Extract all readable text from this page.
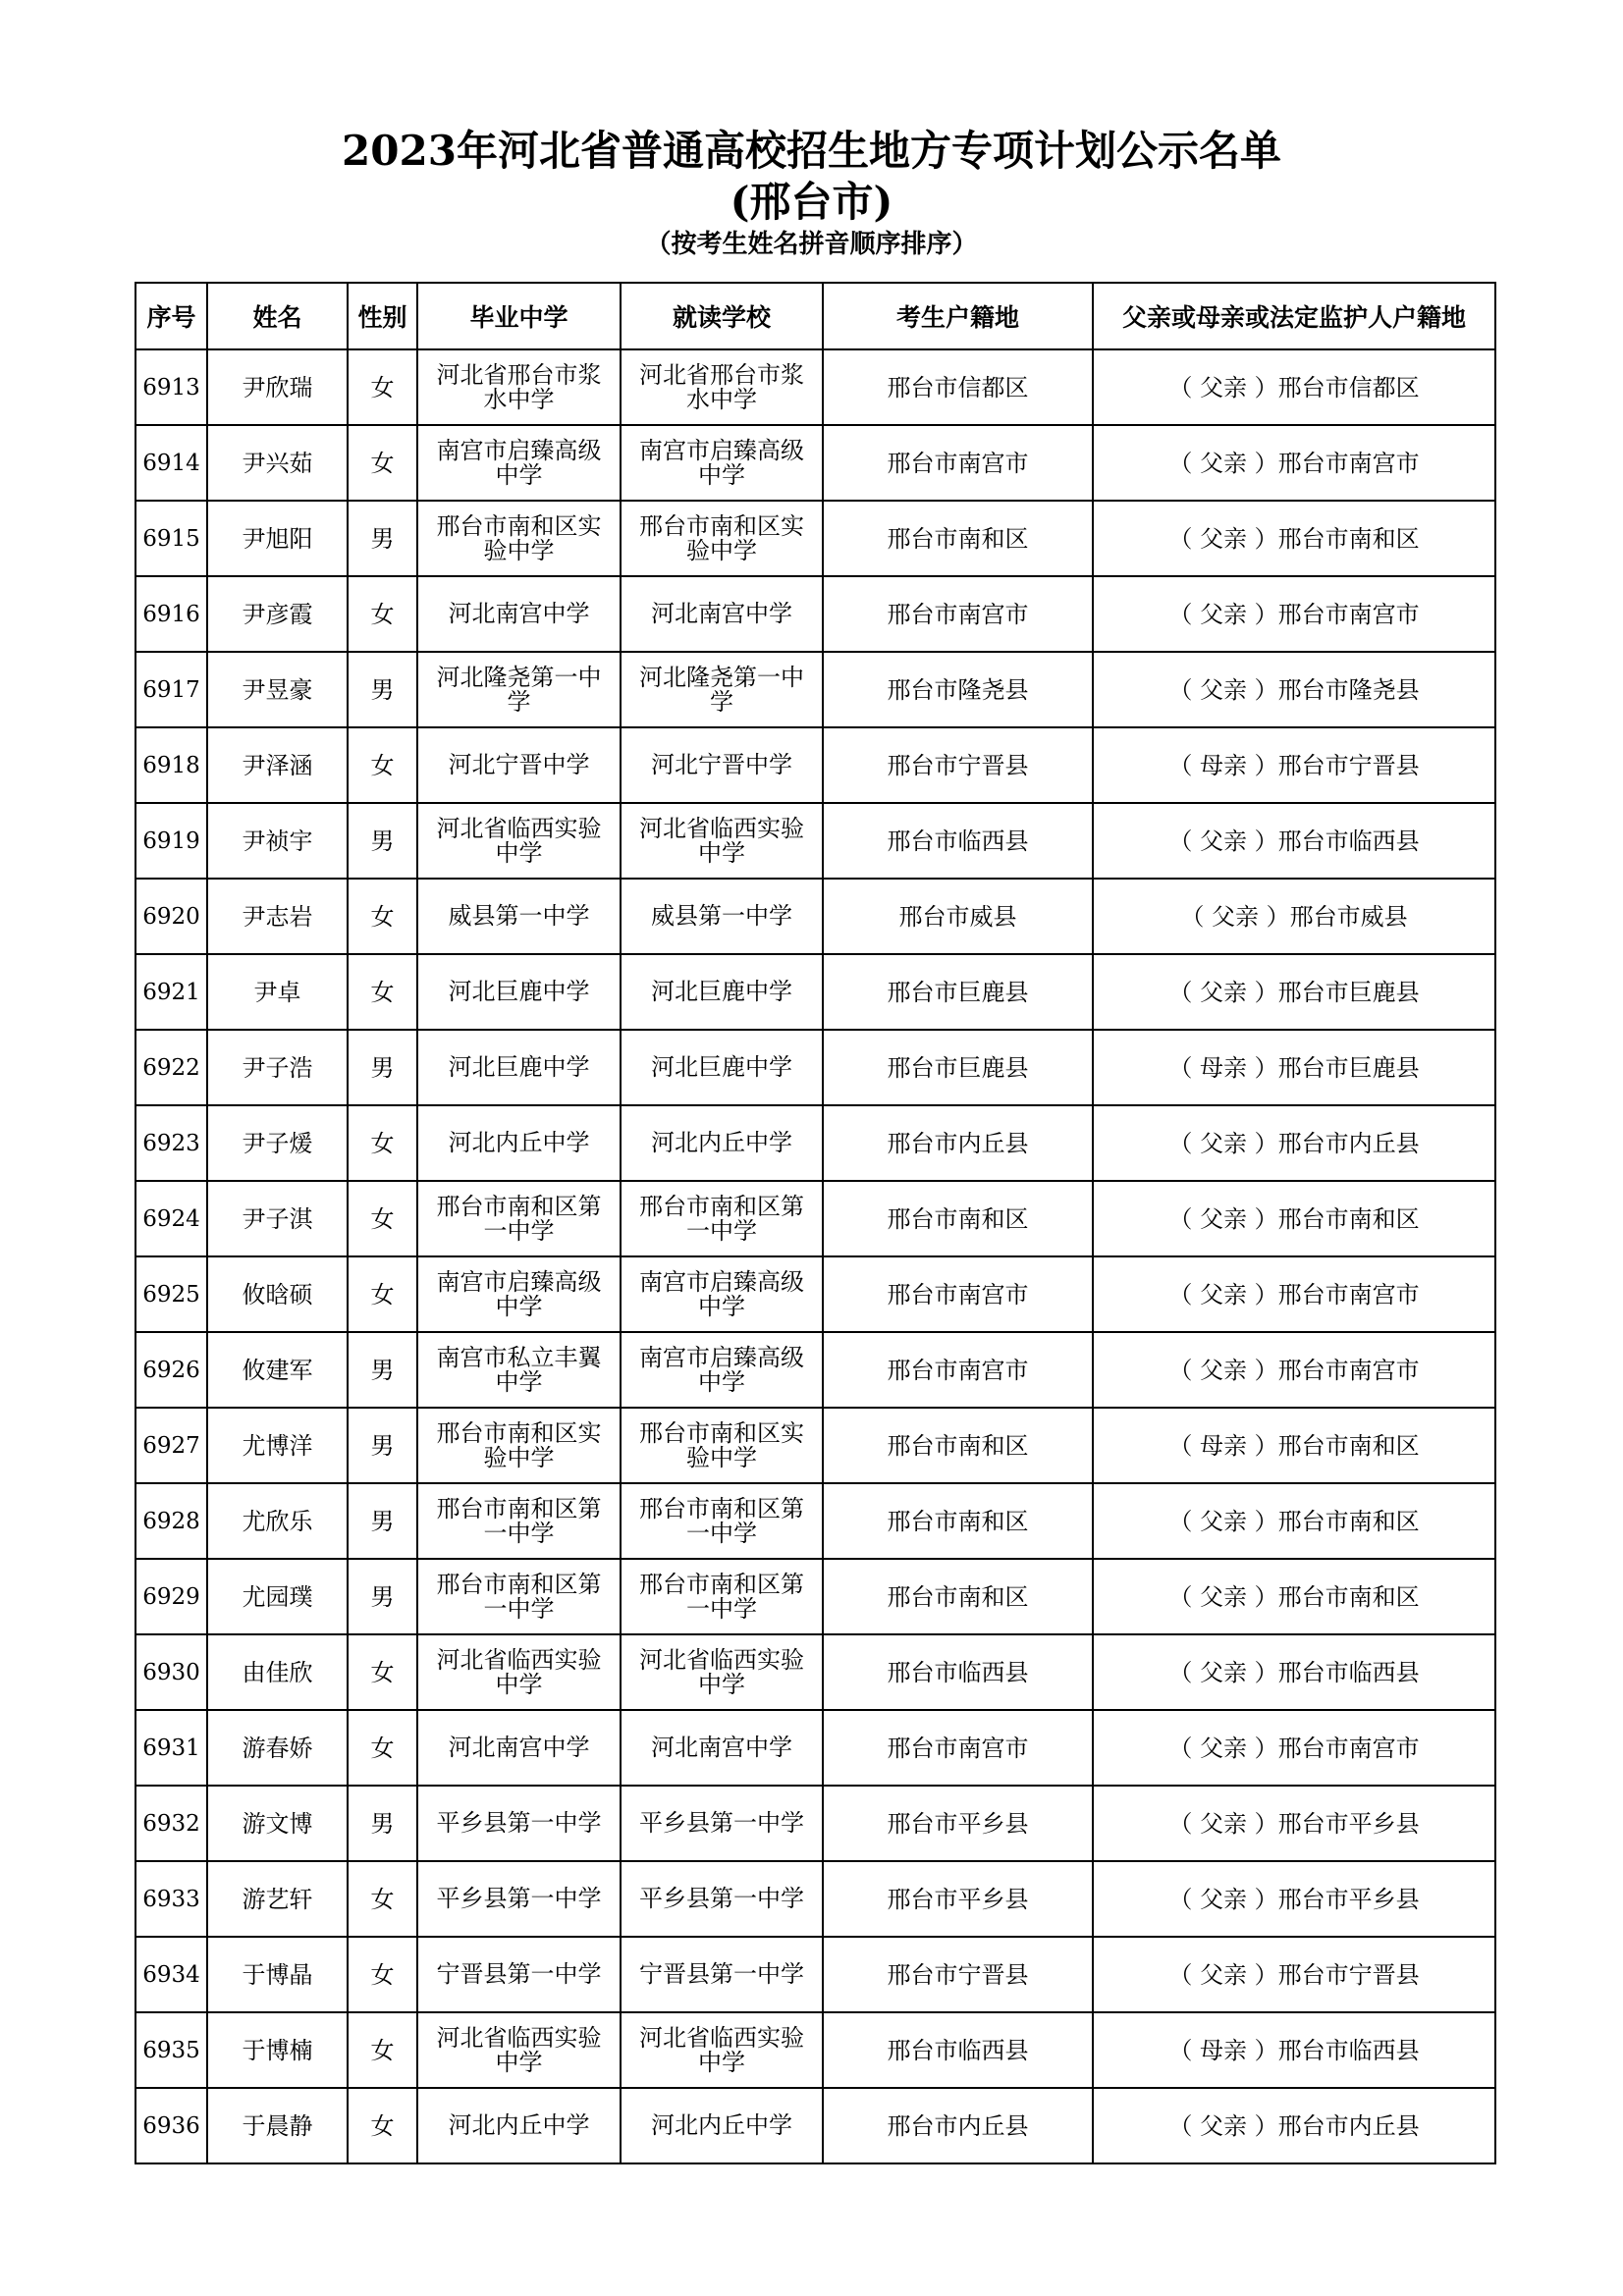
2023年河北省普通高校招生地方专项计划公示名单
(邢台市)
（按考生姓名拼音顺序排序）
序号	姓名	性别	毕业中学	就读学校	考生户籍地	父亲或母亲或法定监护人户籍地
6913	尹欣瑞	女	河北省邢台市浆水中学	河北省邢台市浆水中学	邢台市信都区	（ 父亲 ）邢台市信都区
6914	尹兴茹	女	南宫市启臻高级中学	南宫市启臻高级中学	邢台市南宫市	（ 父亲 ）邢台市南宫市
6915	尹旭阳	男	邢台市南和区实验中学	邢台市南和区实验中学	邢台市南和区	（ 父亲 ）邢台市南和区
6916	尹彦霞	女	河北南宫中学	河北南宫中学	邢台市南宫市	（ 父亲 ）邢台市南宫市
6917	尹昱豪	男	河北隆尧第一中学	河北隆尧第一中学	邢台市隆尧县	（ 父亲 ）邢台市隆尧县
6918	尹泽涵	女	河北宁晋中学	河北宁晋中学	邢台市宁晋县	（ 母亲 ）邢台市宁晋县
6919	尹祯宇	男	河北省临西实验中学	河北省临西实验中学	邢台市临西县	（ 父亲 ）邢台市临西县
6920	尹志岩	女	威县第一中学	威县第一中学	邢台市威县	（ 父亲 ）邢台市威县
6921	尹卓	女	河北巨鹿中学	河北巨鹿中学	邢台市巨鹿县	（ 父亲 ）邢台市巨鹿县
6922	尹子浩	男	河北巨鹿中学	河北巨鹿中学	邢台市巨鹿县	（ 母亲 ）邢台市巨鹿县
6923	尹子煖	女	河北内丘中学	河北内丘中学	邢台市内丘县	（ 父亲 ）邢台市内丘县
6924	尹子淇	女	邢台市南和区第一中学	邢台市南和区第一中学	邢台市南和区	（ 父亲 ）邢台市南和区
6925	攸晗硕	女	南宫市启臻高级中学	南宫市启臻高级中学	邢台市南宫市	（ 父亲 ）邢台市南宫市
6926	攸建军	男	南宫市私立丰翼中学	南宫市启臻高级中学	邢台市南宫市	（ 父亲 ）邢台市南宫市
6927	尤博洋	男	邢台市南和区实验中学	邢台市南和区实验中学	邢台市南和区	（ 母亲 ）邢台市南和区
6928	尤欣乐	男	邢台市南和区第一中学	邢台市南和区第一中学	邢台市南和区	（ 父亲 ）邢台市南和区
6929	尤园璞	男	邢台市南和区第一中学	邢台市南和区第一中学	邢台市南和区	（ 父亲 ）邢台市南和区
6930	由佳欣	女	河北省临西实验中学	河北省临西实验中学	邢台市临西县	（ 父亲 ）邢台市临西县
6931	游春娇	女	河北南宫中学	河北南宫中学	邢台市南宫市	（ 父亲 ）邢台市南宫市
6932	游文博	男	平乡县第一中学	平乡县第一中学	邢台市平乡县	（ 父亲 ）邢台市平乡县
6933	游艺轩	女	平乡县第一中学	平乡县第一中学	邢台市平乡县	（ 父亲 ）邢台市平乡县
6934	于博晶	女	宁晋县第一中学	宁晋县第一中学	邢台市宁晋县	（ 父亲 ）邢台市宁晋县
6935	于博楠	女	河北省临西实验中学	河北省临西实验中学	邢台市临西县	（ 母亲 ）邢台市临西县
6936	于晨静	女	河北内丘中学	河北内丘中学	邢台市内丘县	（ 父亲 ）邢台市内丘县
